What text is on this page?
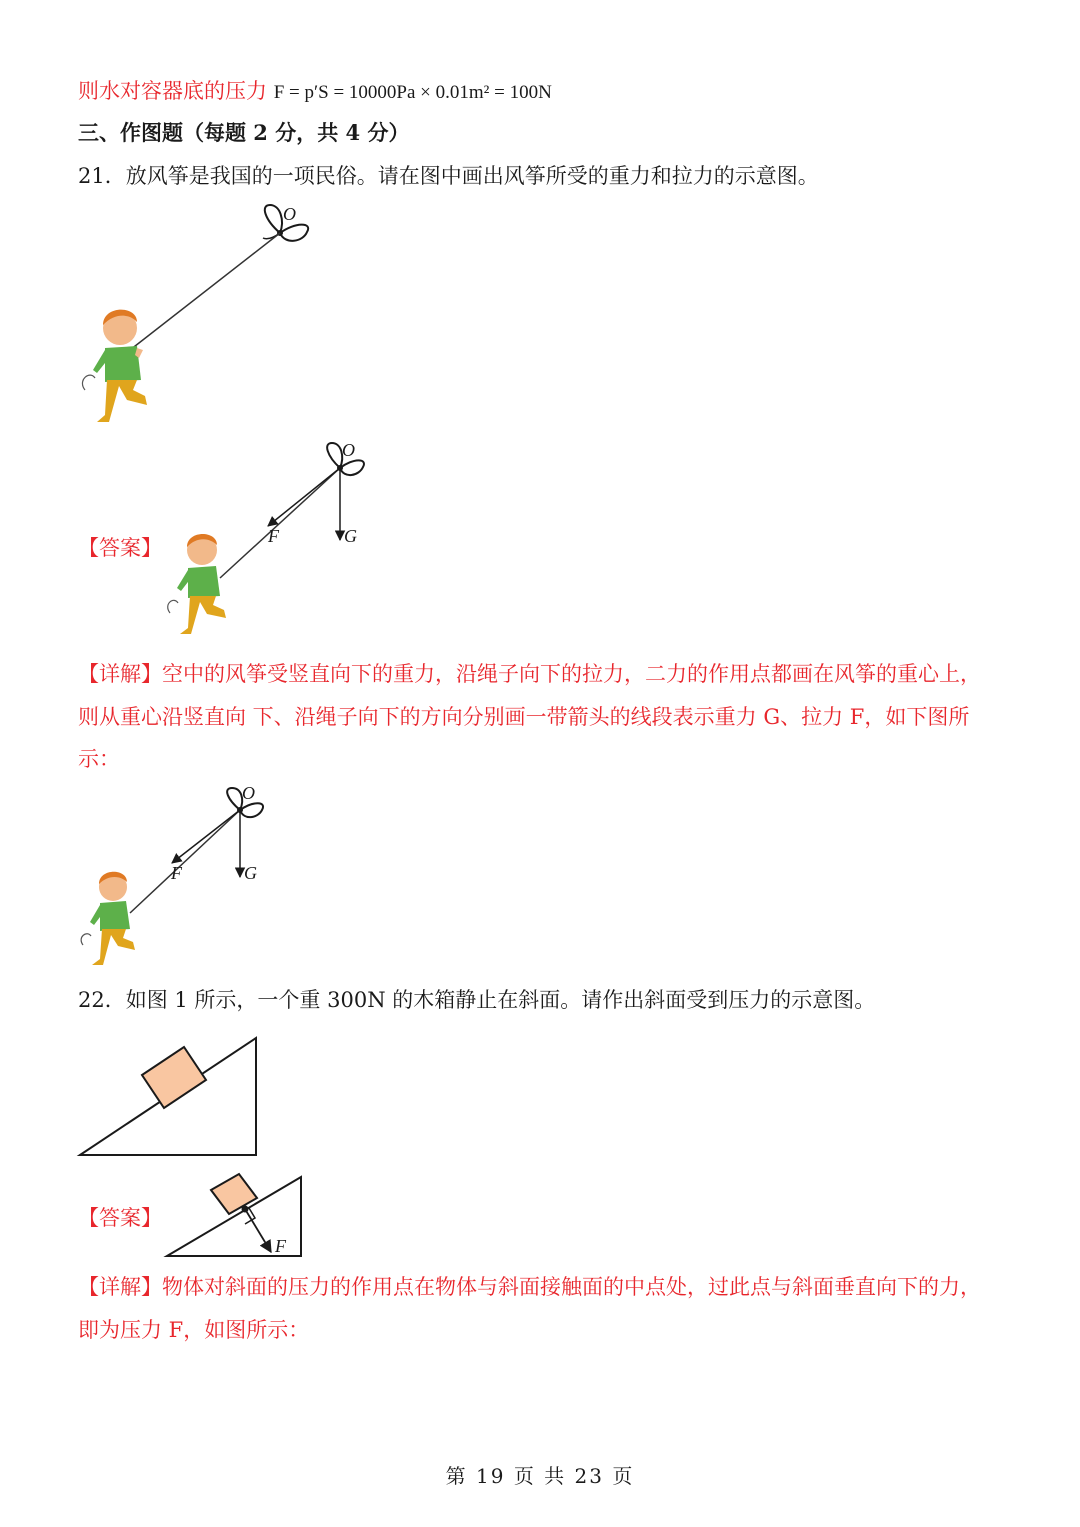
则水对容器底的压力 F = p′S = 10000Pa × 0.01m² = 100N
三、作图题（每题 2 分，共 4 分）
21．放风筝是我国的一项民俗。请在图中画出风筝所受的重力和拉力的示意图。
O
【答案】
O
F	G
【详解】空中的风筝受竖直向下的重力，沿绳子向下的拉力，二力的作用点都画在风筝的重心上，
则从重心沿竖直向 下、沿绳子向下的方向分别画一带箭头的线段表示重力 G、拉力 F，如下图所
示：
O
F	G
22．如图 1 所示，一个重 300N 的木箱静止在斜面。请作出斜面受到压力的示意图。
【答案】
F
【详解】物体对斜面的压力的作用点在物体与斜面接触面的中点处，过此点与斜面垂直向下的力，
即为压力 F，如图所示：
第 19 页 共 23 页
